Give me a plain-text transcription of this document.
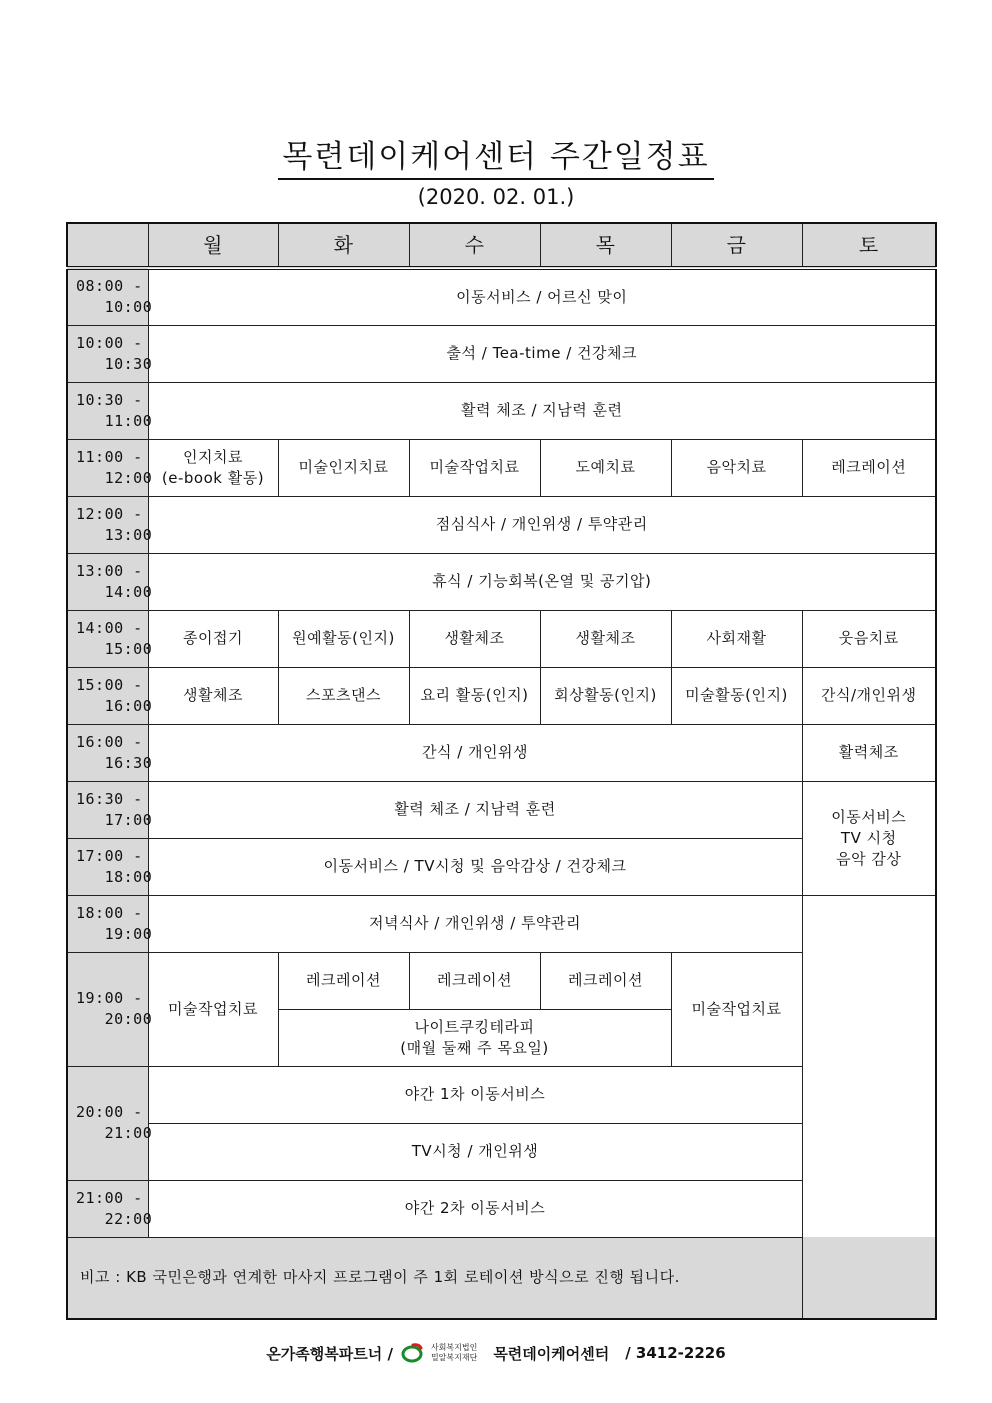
목련데이케어센터 주간일정표
(2020. 02. 01.)
	월	화	수	목	금	토
08:00 -
10:00	이동서비스 / 어르신 맞이					
10:00 -
10:30	출석 / Tea-time / 건강체크					
10:30 -
11:00	활력 체조 / 지남력 훈련					
11:00 -
12:00	인지치료
(e-book 활동)	미술인지치료	미술작업치료	도예치료	음악치료	레크레이션
12:00 -
13:00	점심식사 / 개인위생 / 투약관리					
13:00 -
14:00	휴식 / 기능회복(온열 및 공기압)					
14:00 -
15:00	종이접기	원예활동(인지)	생활체조	생활체조	사회재활	웃음치료
15:00 -
16:00	생활체조	스포츠댄스	요리 활동(인지)	회상활동(인지)	미술활동(인지)	간식/개인위생
16:00 -
16:30	간식 / 개인위생					활력체조
16:30 -
17:00	활력 체조 / 지남력 훈련					이동서비스
TV 시청
음악 감상
17:00 -
18:00	이동서비스 / TV시청 및 음악감상 / 건강체크					
18:00 -
19:00	저녁식사 / 개인위생 / 투약관리					
19:00 -
20:00	미술작업치료	레크레이션	레크레이션	레크레이션	미술작업치료	
		나이트쿠킹테라피
(매월 둘째 주 목요일)				
20:00 -
21:00	야간 1차 이동서비스					
	TV시청 / 개인위생					
21:00 -
22:00	야간 2차 이동서비스					
비고 : KB 국민은행과 연계한 마사지 프로그램이 주 1회 로테이션 방식으로 진행 됩니다.						
온가족행복파트너 /	사회복지법인
밀알복지재단 목련데이케어센터 / 3412-2226
